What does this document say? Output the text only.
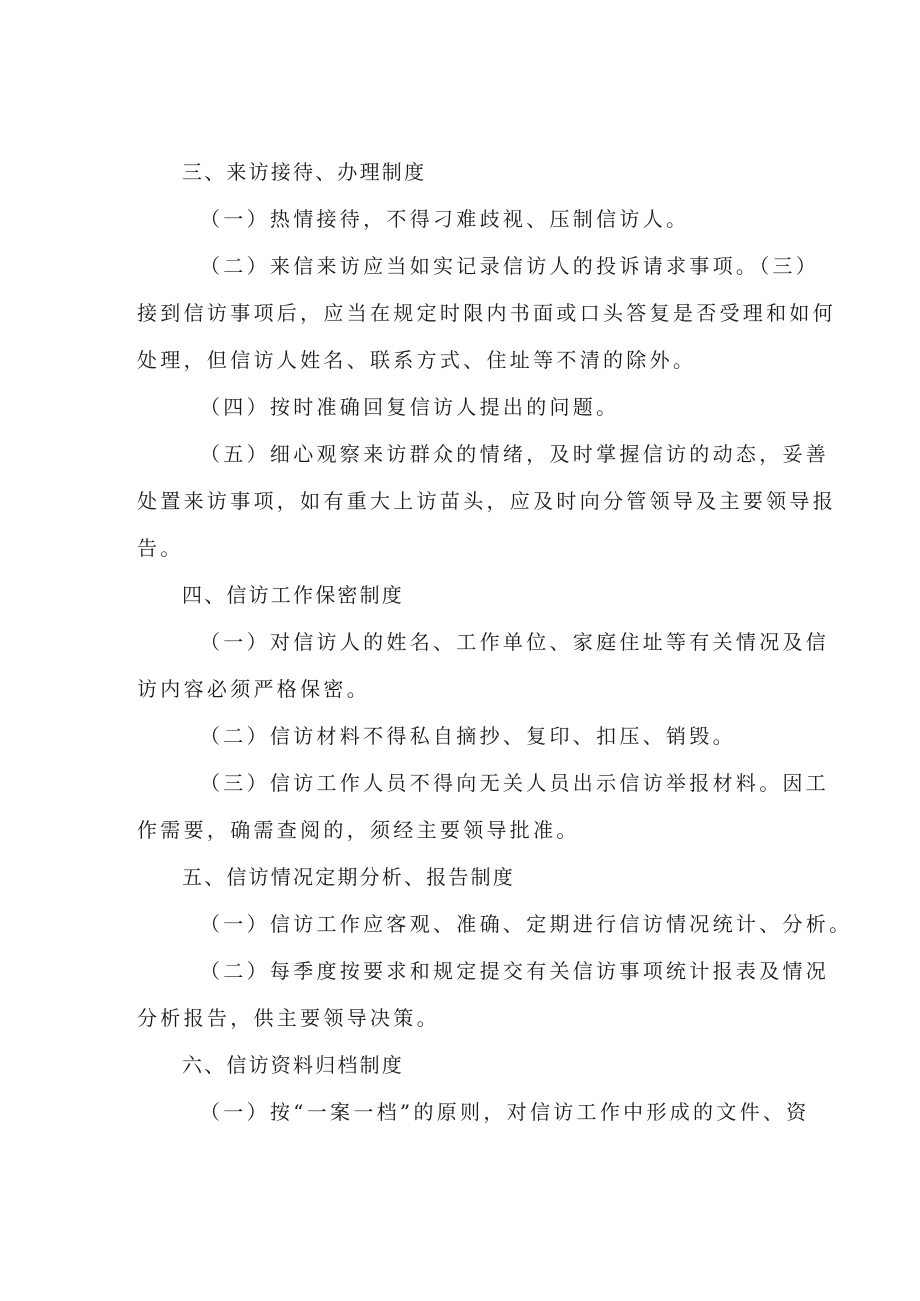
三、来访接待、办理制度
（一）热情接待，不得刁难歧视、压制信访人。
（二）来信来访应当如实记录信访人的投诉请求事项。（三）
接到信访事项后，应当在规定时限内书面或口头答复是否受理和如何
处理，但信访人姓名、联系方式、住址等不清的除外。
（四）按时准确回复信访人提出的问题。
（五）细心观察来访群众的情绪，及时掌握信访的动态，妥善
处置来访事项，如有重大上访苗头，应及时向分管领导及主要领导报
告。
四、信访工作保密制度
（一）对信访人的姓名、工作单位、家庭住址等有关情况及信
访内容必须严格保密。
（二）信访材料不得私自摘抄、复印、扣压、销毁。
（三）信访工作人员不得向无关人员出示信访举报材料。因工
作需要，确需查阅的，须经主要领导批准。
五、信访情况定期分析、报告制度
（一）信访工作应客观、准确、定期进行信访情况统计、分析。
（二）每季度按要求和规定提交有关信访事项统计报表及情况
分析报告，供主要领导决策。
六、信访资料归档制度
（一）按“一案一档”的原则，对信访工作中形成的文件、资
